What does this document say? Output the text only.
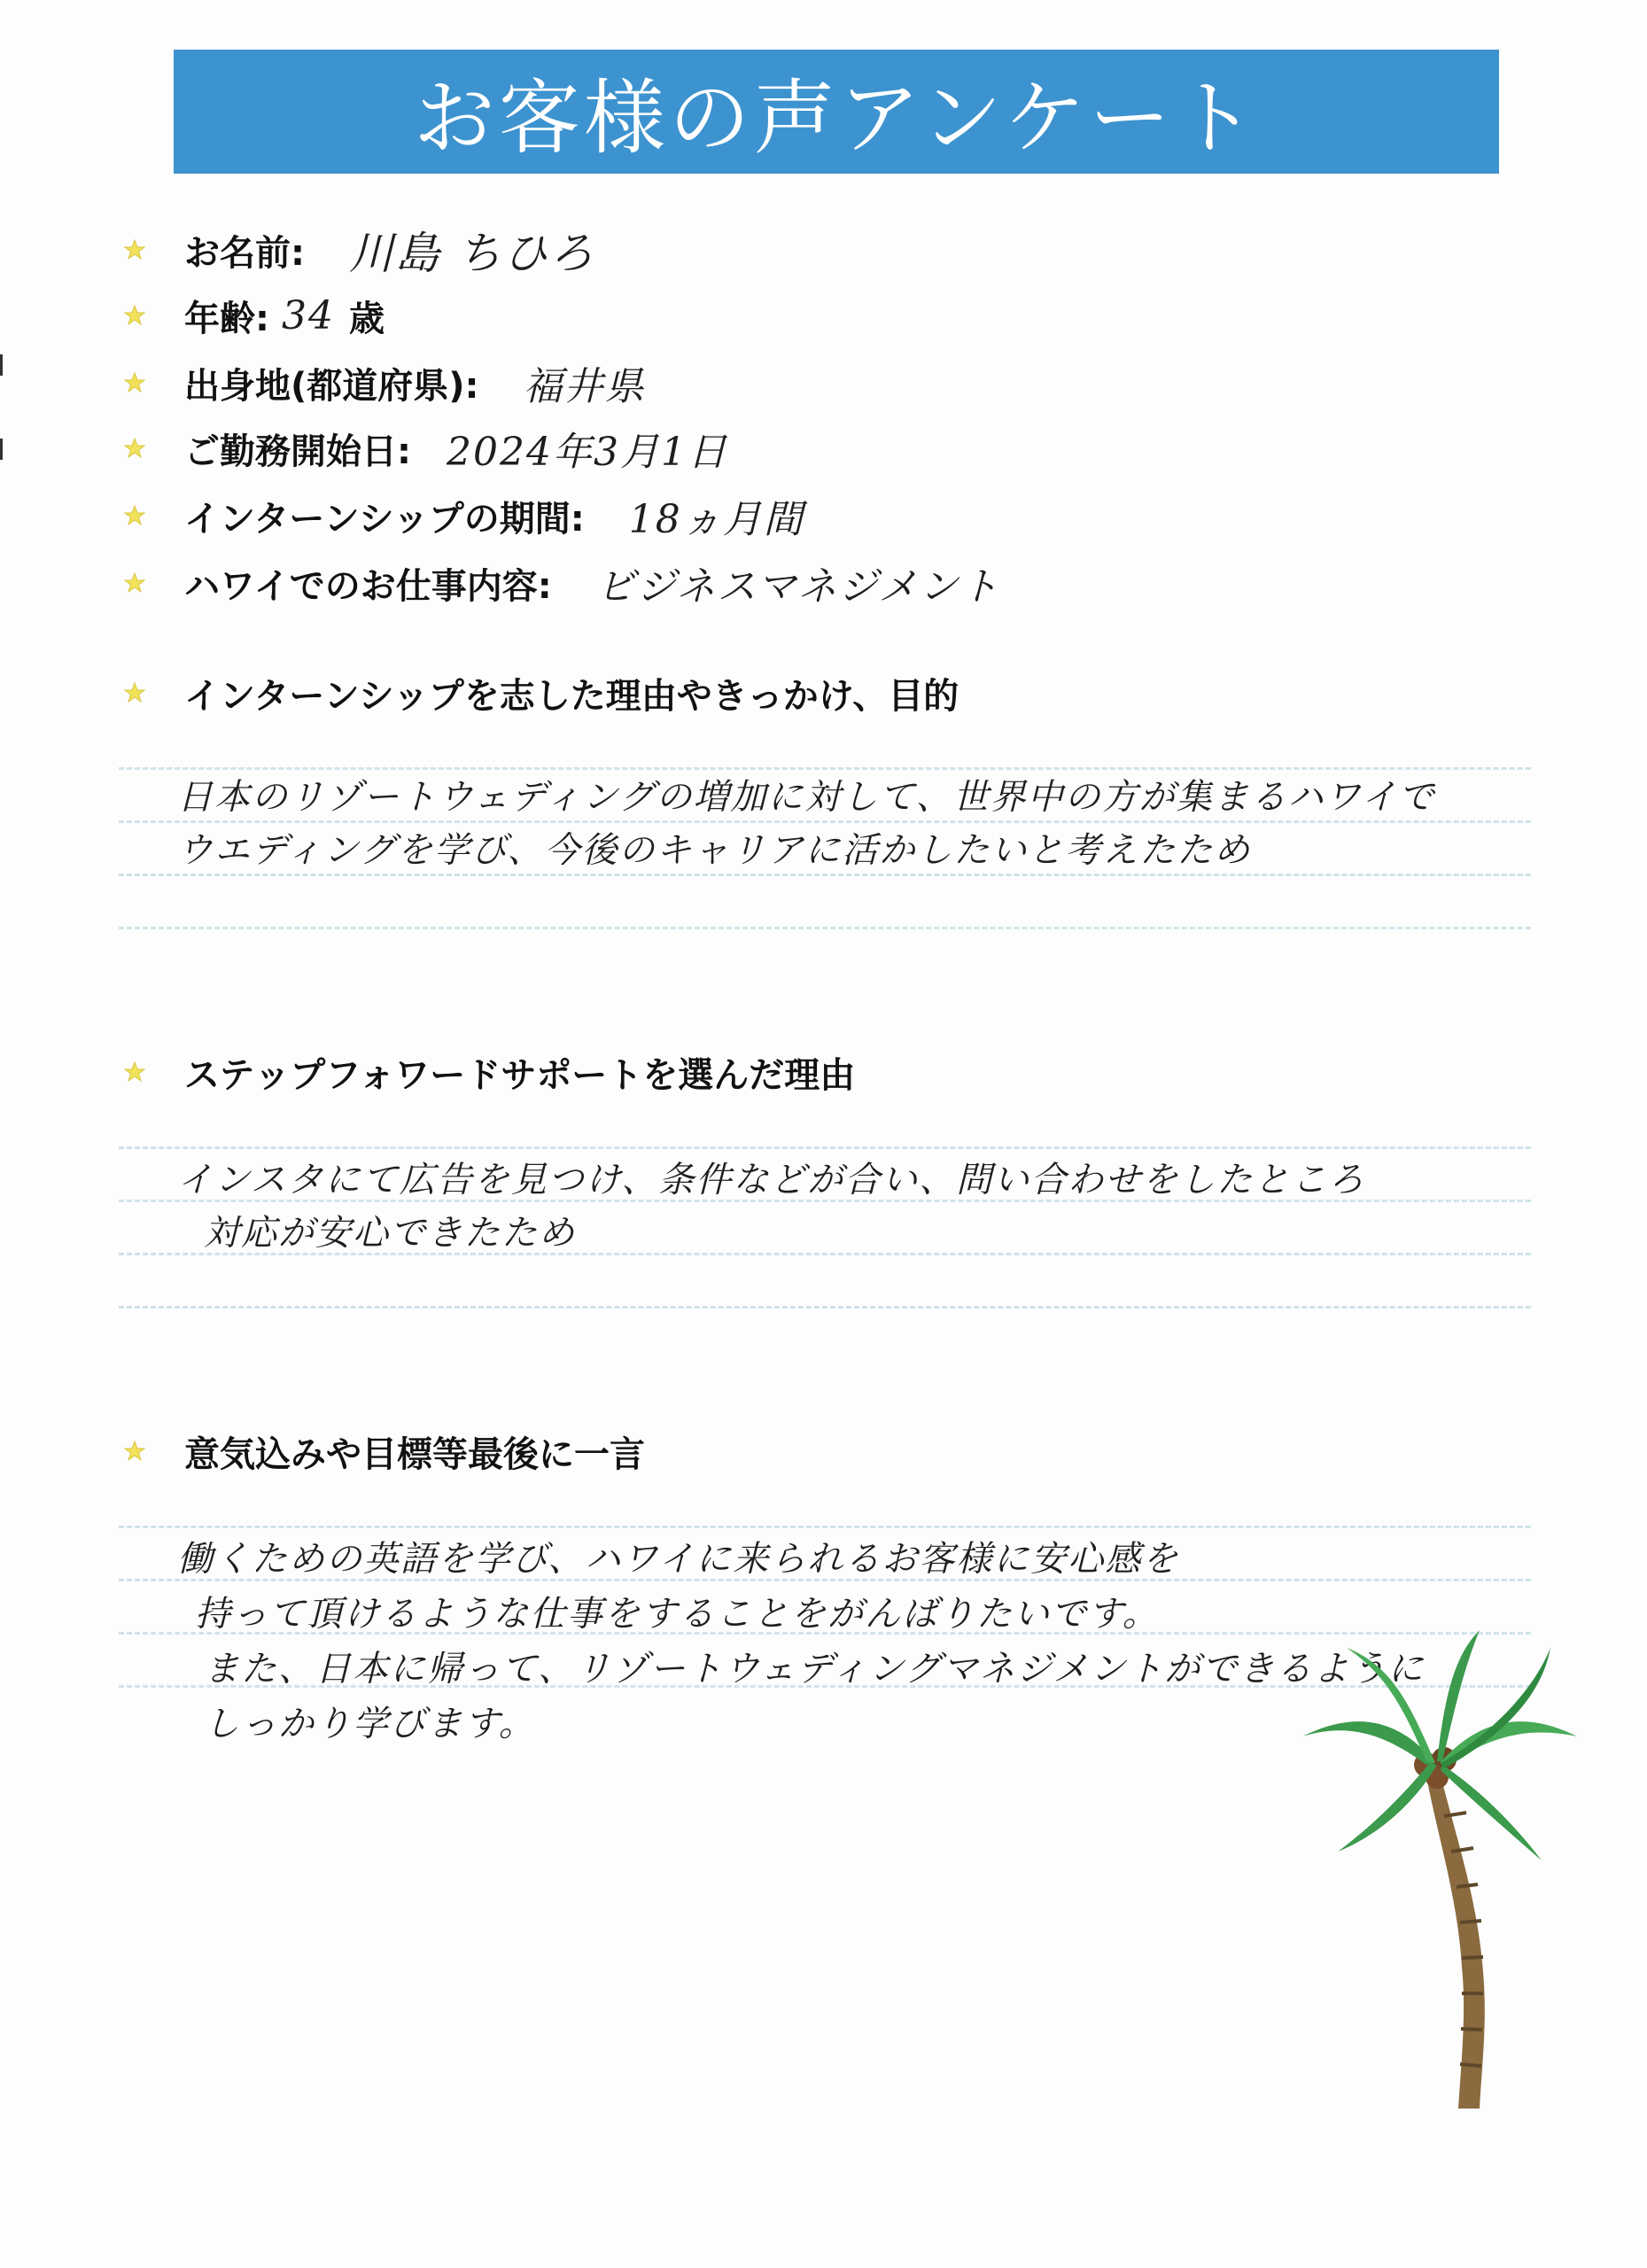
お客様の声アンケート
お名前: 川島 ちひろ
年齢: 34 歳
出身地(都道府県): 福井県
ご勤務開始日: 2024年3月1日
インターンシップの期間: 18ヵ月間
ハワイでのお仕事内容: ビジネスマネジメント
インターンシップを志した理由やきっかけ、目的
日本のリゾートウェディングの増加に対して、世界中の方が集まるハワイで
ウエディングを学び、今後のキャリアに活かしたいと考えたため
ステップフォワードサポートを選んだ理由
インスタにて広告を見つけ、条件などが合い、問い合わせをしたところ
対応が安心できたため
意気込みや目標等最後に一言
働くための英語を学び、ハワイに来られるお客様に安心感を
持って頂けるような仕事をすることをがんばりたいです。
また、日本に帰って、リゾートウェディングマネジメントができるように
しっかり学びます。
